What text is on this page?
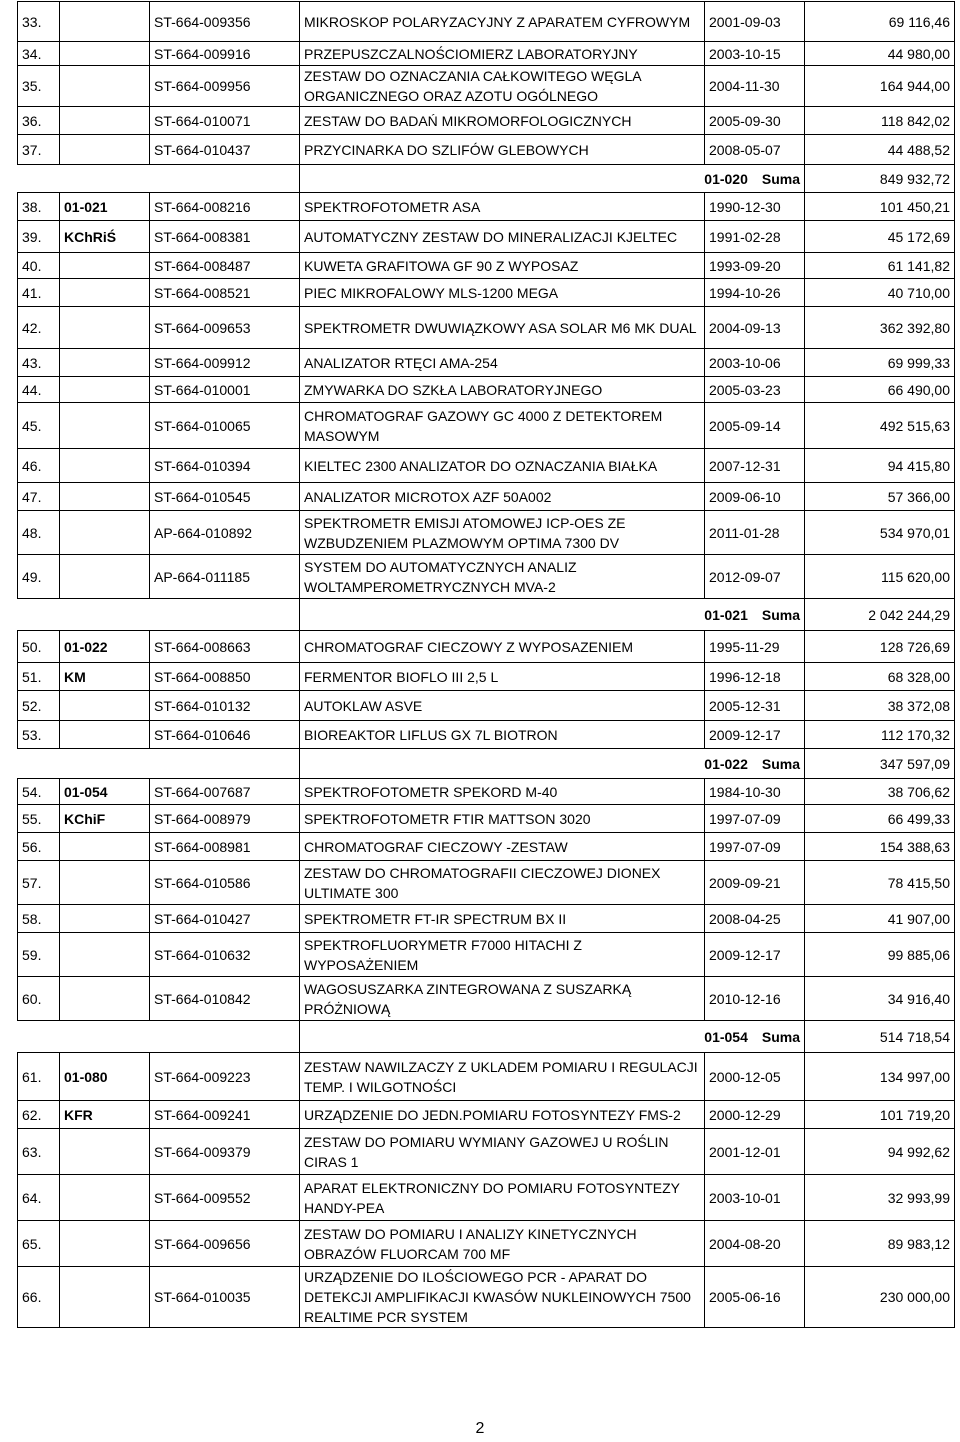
33.		ST-664-009356	MIKROSKOP POLARYZACYJNY Z APARATEM CYFROWYM	2001-09-03	69 116,46
34.		ST-664-009916	PRZEPUSZCZALNOŚCIOMIERZ LABORATORYJNY	2003-10-15	44 980,00
35.		ST-664-009956	ZESTAW DO OZNACZANIA CAŁKOWITEGO WĘGLA ORGANICZNEGO ORAZ AZOTU OGÓLNEGO	2004-11-30	164 944,00
36.		ST-664-010071	ZESTAW DO BADAŃ MIKROMORFOLOGICZNYCH	2005-09-30	118 842,02
37.		ST-664-010437	PRZYCINARKA DO SZLIFÓW GLEBOWYCH	2008-05-07	44 488,52
			01-020 Suma		849 932,72
38.	01-021	ST-664-008216	SPEKTROFOTOMETR ASA	1990-12-30	101 450,21
39.	KChRiŚ	ST-664-008381	AUTOMATYCZNY ZESTAW DO MINERALIZACJI KJELTEC	1991-02-28	45 172,69
40.		ST-664-008487	KUWETA GRAFITOWA GF 90 Z WYPOSAZ	1993-09-20	61 141,82
41.		ST-664-008521	PIEC MIKROFALOWY MLS-1200 MEGA	1994-10-26	40 710,00
42.		ST-664-009653	SPEKTROMETR DWUWIĄZKOWY ASA SOLAR M6 MK DUAL	2004-09-13	362 392,80
43.		ST-664-009912	ANALIZATOR RTĘCI AMA-254	2003-10-06	69 999,33
44.		ST-664-010001	ZMYWARKA DO SZKŁA LABORATORYJNEGO	2005-03-23	66 490,00
45.		ST-664-010065	CHROMATOGRAF GAZOWY GC 4000 Z DETEKTOREM MASOWYM	2005-09-14	492 515,63
46.		ST-664-010394	KIELTEC 2300 ANALIZATOR DO OZNACZANIA BIAŁKA	2007-12-31	94 415,80
47.		ST-664-010545	ANALIZATOR MICROTOX AZF 50A002	2009-06-10	57 366,00
48.		AP-664-010892	SPEKTROMETR EMISJI ATOMOWEJ ICP-OES ZE WZBUDZENIEM PLAZMOWYM OPTIMA 7300 DV	2011-01-28	534 970,01
49.		AP-664-011185	SYSTEM DO AUTOMATYCZNYCH ANALIZ WOLTAMPEROMETRYCZNYCH MVA-2	2012-09-07	115 620,00
			01-021 Suma		2 042 244,29
50.	01-022	ST-664-008663	CHROMATOGRAF CIECZOWY Z WYPOSAZENIEM	1995-11-29	128 726,69
51.	KM	ST-664-008850	FERMENTOR BIOFLO III 2,5 L	1996-12-18	68 328,00
52.		ST-664-010132	AUTOKLAW ASVE	2005-12-31	38 372,08
53.		ST-664-010646	BIOREAKTOR LIFLUS GX 7L BIOTRON	2009-12-17	112 170,32
			01-022 Suma		347 597,09
54.	01-054	ST-664-007687	SPEKTROFOTOMETR SPEKORD M-40	1984-10-30	38 706,62
55.	KChiF	ST-664-008979	SPEKTROFOTOMETR FTIR MATTSON 3020	1997-07-09	66 499,33
56.		ST-664-008981	CHROMATOGRAF CIECZOWY -ZESTAW	1997-07-09	154 388,63
57.		ST-664-010586	ZESTAW DO CHROMATOGRAFII CIECZOWEJ DIONEX ULTIMATE 300	2009-09-21	78 415,50
58.		ST-664-010427	SPEKTROMETR FT-IR SPECTRUM BX II	2008-04-25	41 907,00
59.		ST-664-010632	SPEKTROFLUORYMETR F7000 HITACHI Z WYPOSAŻENIEM	2009-12-17	99 885,06
60.		ST-664-010842	WAGOSUSZARKA ZINTEGROWANA Z SUSZARKĄ PRÓŻNIOWĄ	2010-12-16	34 916,40
			01-054 Suma		514 718,54
61.	01-080	ST-664-009223	ZESTAW NAWILZACZY Z UKLADEM POMIARU I REGULACJI TEMP. I WILGOTNOŚCI	2000-12-05	134 997,00
62.	KFR	ST-664-009241	URZĄDZENIE DO JEDN.POMIARU FOTOSYNTEZY FMS-2	2000-12-29	101 719,20
63.		ST-664-009379	ZESTAW DO POMIARU WYMIANY GAZOWEJ U ROŚLIN CIRAS 1	2001-12-01	94 992,62
64.		ST-664-009552	APARAT ELEKTRONICZNY DO POMIARU FOTOSYNTEZY HANDY-PEA	2003-10-01	32 993,99
65.		ST-664-009656	ZESTAW DO POMIARU I ANALIZY KINETYCZNYCH OBRAZÓW FLUORCAM 700 MF	2004-08-20	89 983,12
66.		ST-664-010035	URZĄDZENIE DO ILOŚCIOWEGO PCR - APARAT DO DETEKCJI AMPLIFIKACJI KWASÓW NUKLEINOWYCH 7500 REALTIME PCR SYSTEM	2005-06-16	230 000,00
2
